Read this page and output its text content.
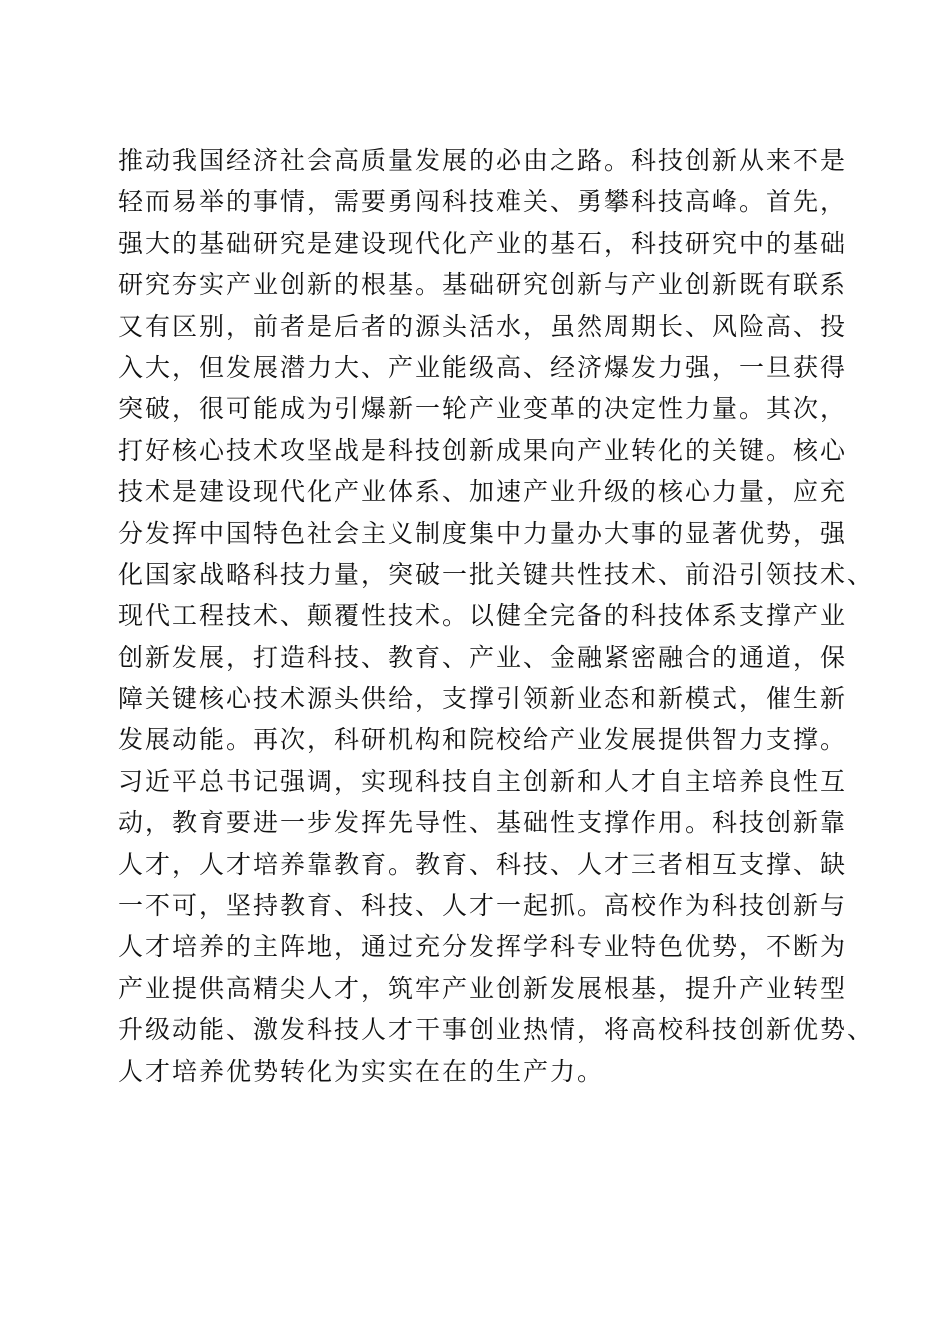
推动我国经济社会高质量发展的必由之路。科技创新从来不是
轻而易举的事情，需要勇闯科技难关、勇攀科技高峰。首先，
强大的基础研究是建设现代化产业的基石，科技研究中的基础
研究夯实产业创新的根基。基础研究创新与产业创新既有联系
又有区别，前者是后者的源头活水，虽然周期长、风险高、投
入大，但发展潜力大、产业能级高、经济爆发力强，一旦获得
突破，很可能成为引爆新一轮产业变革的决定性力量。其次，
打好核心技术攻坚战是科技创新成果向产业转化的关键。核心
技术是建设现代化产业体系、加速产业升级的核心力量，应充
分发挥中国特色社会主义制度集中力量办大事的显著优势，强
化国家战略科技力量，突破一批关键共性技术、前沿引领技术、
现代工程技术、颠覆性技术。以健全完备的科技体系支撑产业
创新发展，打造科技、教育、产业、金融紧密融合的通道，保
障关键核心技术源头供给，支撑引领新业态和新模式，催生新
发展动能。再次，科研机构和院校给产业发展提供智力支撑。
习近平总书记强调，实现科技自主创新和人才自主培养良性互
动，教育要进一步发挥先导性、基础性支撑作用。科技创新靠
人才，人才培养靠教育。教育、科技、人才三者相互支撑、缺
一不可，坚持教育、科技、人才一起抓。高校作为科技创新与
人才培养的主阵地，通过充分发挥学科专业特色优势，不断为
产业提供高精尖人才，筑牢产业创新发展根基，提升产业转型
升级动能、激发科技人才干事创业热情，将高校科技创新优势、
人才培养优势转化为实实在在的生产力。
